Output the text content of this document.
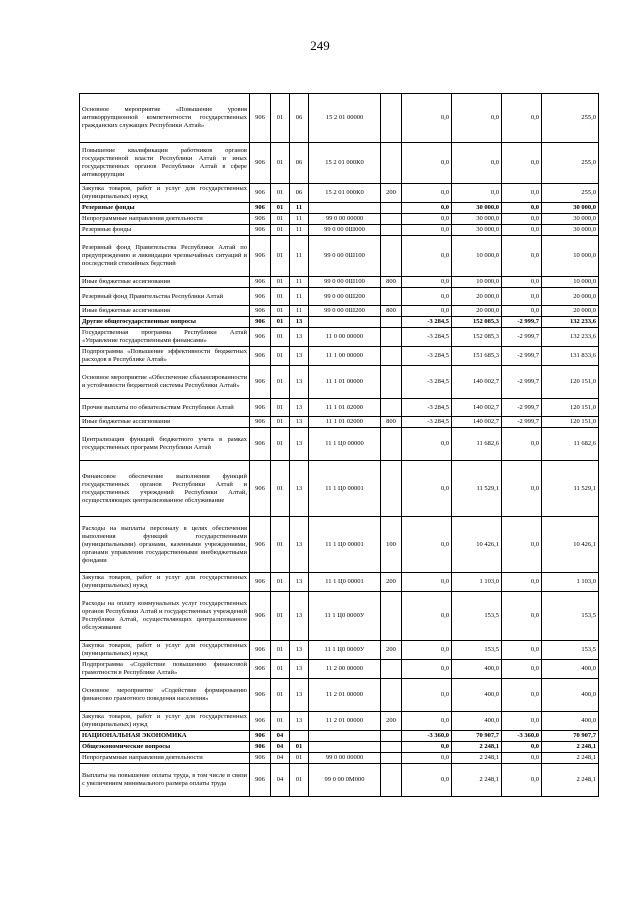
249
Основное мероприятие «Повышение уровня антикоррупционной компетентности государственных гражданских служащих Республики Алтай»	906	01	06	15 2 01 00000		0,0	0,0	0,0	255,0
Повышение квалификации работников органов государственной власти Республики Алтай и иных государственных органов Республики Алтай в сфере антикоррупции	906	01	06	15 2 01 000К0		0,0	0,0	0,0	255,0
Закупка товаров, работ и услуг для государственных (муниципальных) нужд	906	01	06	15 2 01 000К0	200	0,0	0,0	0,0	255,0
Резервные фонды	906	01	11			0,0	30 000,0	0,0	30 000,0
Непрограммные направления деятельности	906	01	11	99 0 00 00000		0,0	30 000,0	0,0	30 000,0
Резервные фонды	906	01	11	99 0 00 0Ш000		0,0	30 000,0	0,0	30 000,0
Резервный фонд Правительства Республики Алтай по предупреждению и ликвидации чрезвычайных ситуаций и последствий стихийных бедствий	906	01	11	99 0 00 0Ш100		0,0	10 000,0	0,0	10 000,0
Иные бюджетные ассигнования	906	01	11	99 0 00 0Ш100	800	0,0	10 000,0	0,0	10 000,0
Резервный фонд Правительства Республики Алтай	906	01	11	99 0 00 0Ш200		0,0	20 000,0	0,0	20 000,0
Иные бюджетные ассигнования	906	01	11	99 0 00 0Ш200	800	0,0	20 000,0	0,0	20 000,0
Другие общегосударственные вопросы	906	01	13			-3 284,5	152 085,3	-2 999,7	132 233,6
Государственная программа Республики Алтай «Управление государственными финансами»	906	01	13	11 0 00 00000		-3 284,5	152 085,3	-2 999,7	132 233,6
Подпрограмма «Повышение эффективности бюджетных расходов в Республике Алтай»	906	01	13	11 1 00 00000		-3 284,5	151 685,3	-2 999,7	131 833,6
Основное мероприятие «Обеспечение сбалансированности и устойчивости бюджетной системы Республики Алтай»	906	01	13	11 1 01 00000		-3 284,5	140 002,7	-2 999,7	120 151,0
Прочие выплаты по обязательствам Республики Алтай	906	01	13	11 1 01 02000		-3 284,5	140 002,7	-2 999,7	120 151,0
Иные бюджетные ассигнования	906	01	13	11 1 01 02000	800	-3 284,5	140 002,7	-2 999,7	120 151,0
Централизация функций бюджетного учета в рамках государственных программ Республики Алтай	906	01	13	11 1 Ц0 00000		0,0	11 682,6	0,0	11 682,6
Финансовое обеспечение выполнения функций государственных органов Республики Алтай и государственных учреждений Республики Алтай, осуществляющих централизованное обслуживание	906	01	13	11 1 Ц0 00001		0,0	11 529,1	0,0	11 529,1
Расходы на выплаты персоналу в целях обеспечения выполнения функций государственными (муниципальными) органами, казенными учреждениями, органами управления государственными внебюджетными фондами	906	01	13	11 1 Ц0 00001	100	0,0	10 426,1	0,0	10 426,1
Закупка товаров, работ и услуг для государственных (муниципальных) нужд	906	01	13	11 1 Ц0 00001	200	0,0	1 103,0	0,0	1 103,0
Расходы на оплату коммунальных услуг государственных органов Республики Алтай и государственных учреждений Республики Алтай, осуществляющих централизованное обслуживание	906	01	13	11 1 Ц0 0000У		0,0	153,5	0,0	153,5
Закупка товаров, работ и услуг для государственных (муниципальных) нужд	906	01	13	11 1 Ц0 0000У	200	0,0	153,5	0,0	153,5
Подпрограмма «Содействие повышению финансовой грамотности в Республике Алтай»	906	01	13	11 2 00 00000		0,0	400,0	0,0	400,0
Основное мероприятие «Содействие формированию финансово грамотного поведения населения»	906	01	13	11 2 01 00000		0,0	400,0	0,0	400,0
Закупка товаров, работ и услуг для государственных (муниципальных) нужд	906	01	13	11 2 01 00000	200	0,0	400,0	0,0	400,0
НАЦИОНАЛЬНАЯ ЭКОНОМИКА	906	04				-3 360,0	70 907,7	-3 360,0	70 907,7
Общеэкономические вопросы	906	04	01			0,0	2 248,1	0,0	2 248,1
Непрограммные направления деятельности	906	04	01	99 0 00 00000		0,0	2 248,1	0,0	2 248,1
Выплаты на повышение оплаты труда, в том числе в связи с увеличением минимального размера оплаты труда	906	04	01	99 0 00 0М000		0,0	2 248,1	0,0	2 248,1
